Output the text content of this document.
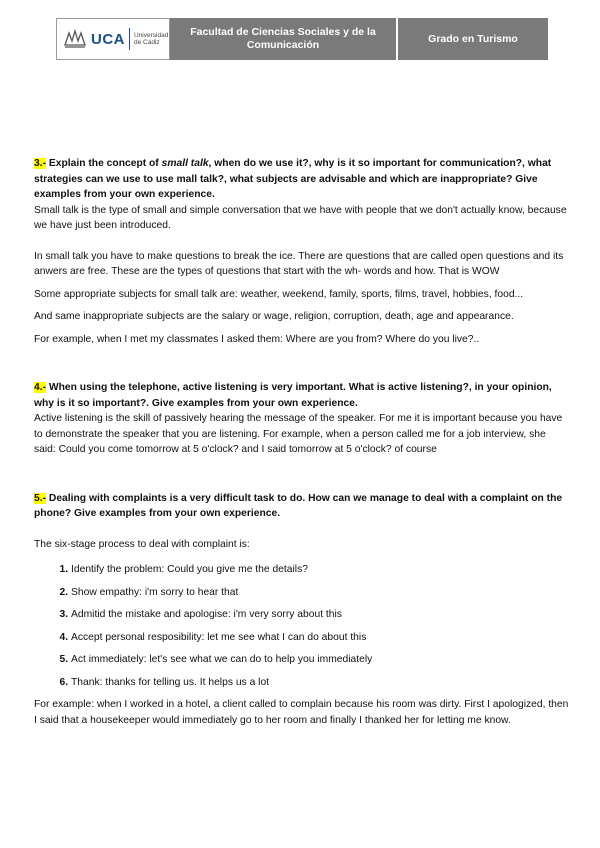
UCA Universidad
de Cádiz
Facultad de Ciencias Sociales y de la Comunicación	Grado en Turismo

3.- Explain the concept of small talk, when do we use it?, why is it so important for communication?, what strategies can we use to use mall talk?, what subjects are advisable and which are inappropriate? Give examples from your own experience.

Small talk is the type of small and simple conversation that we have with people that we don't actually know, because we have just been introduced.

In small talk you have to make questions to break the ice. There are questions that are called open questions and its anwers are free. These are the types of questions that start with the wh- words and how. That is WOW

Some appropriate subjects for small talk are: weather, weekend, family, sports, films, travel, hobbies, food...

And same inappropriate subjects are the salary or wage, religion, corruption, death, age and appearance.

For example, when I met my classmates I asked them: Where are you from? Where do you live?..

4.- When using the telephone, active listening is very important. What is active listening?, in your opinion, why is it so important?. Give examples from your own experience.

Active listening is the skill of passively hearing the message of the speaker. For me it is important because you have to demonstrate the speaker that you are listening. For example, when a person called me for a job interview, she said: Could you come tomorrow at 5 o'clock? and I said tomorrow at 5 o'clock? of course

5.- Dealing with complaints is a very difficult task to do. How can we manage to deal with a complaint on the phone? Give examples from your own experience.

The six-stage process to deal with complaint is:

1. Identify the problem: Could you give me the details?
2. Show empathy: i'm sorry to hear that
3. Admitid the mistake and apologise: i'm very sorry about this
4. Accept personal resposibility: let me see what I can do about this
5. Act immediately: let's see what we can do to help you immediately
6. Thank: thanks for telling us. It helps us a lot

For example: when I worked in a hotel, a client called to complain because his room was dirty. First I apologized, then I said that a housekeeper would immediately go to her room and finally I thanked her for letting me know.
